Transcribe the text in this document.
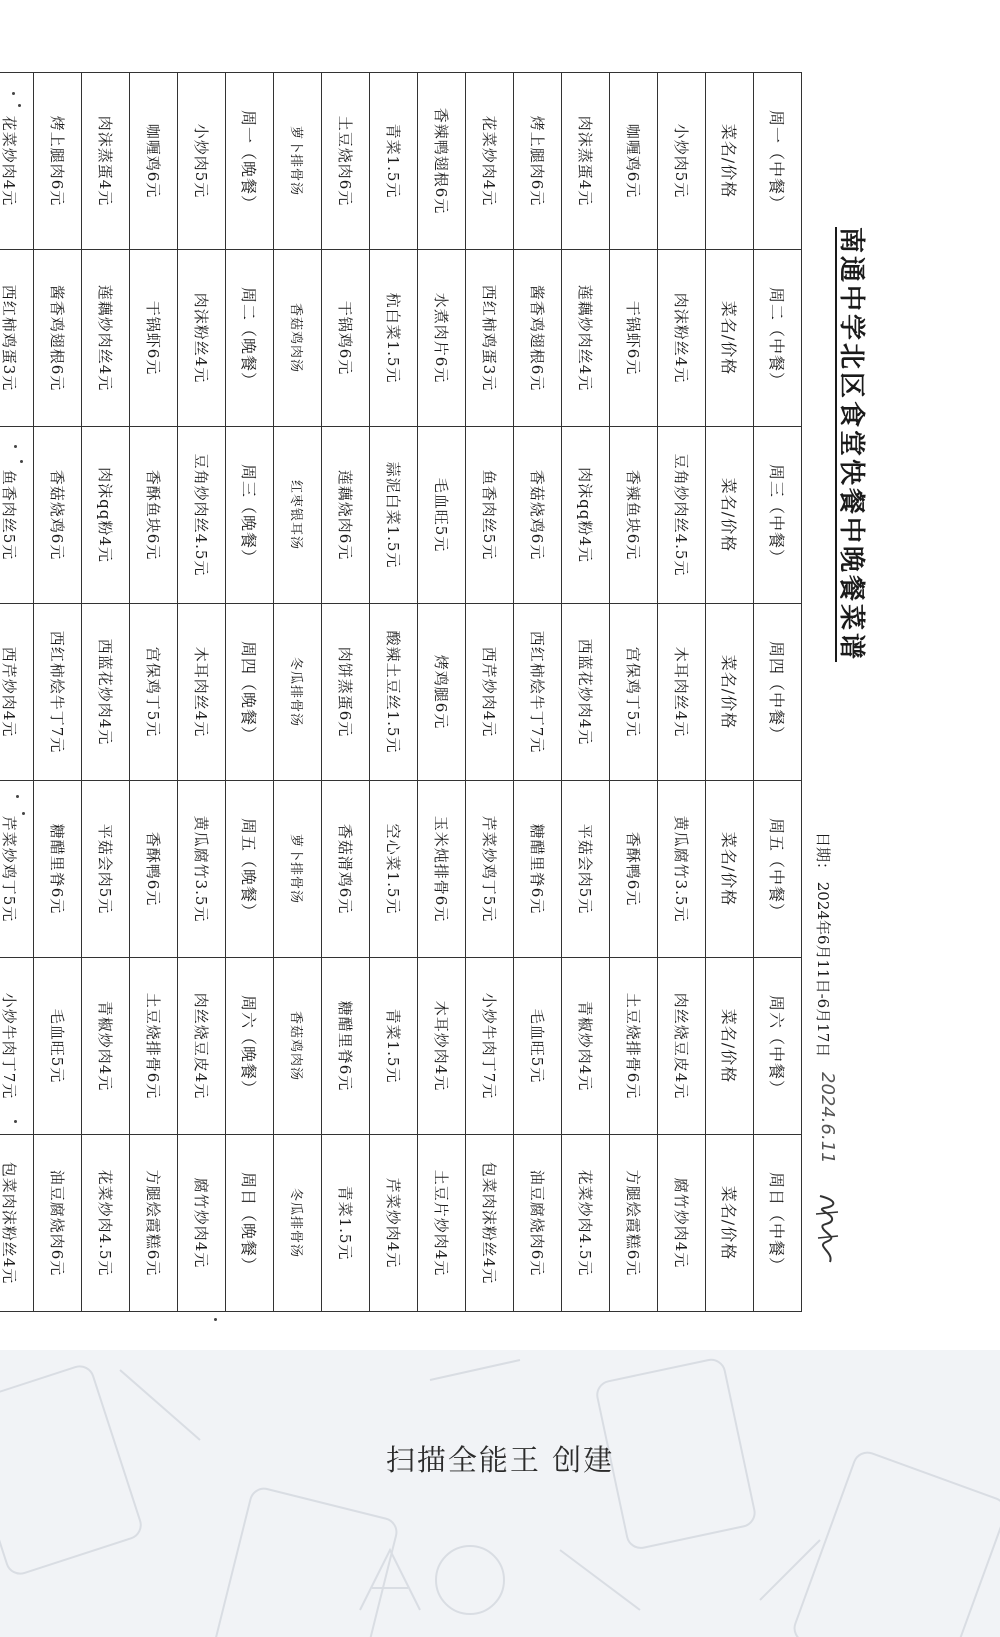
南通中学北区食堂快餐中晚餐菜谱
日期： 2024年6月11日-6月17日
2024.6.11
周一（中餐）	周二（中餐）	周三（中餐）	周四（中餐）	周五（中餐）	周六（中餐）	周日（中餐）
菜名/价格	菜名/价格	菜名/价格	菜名/价格	菜名/价格	菜名/价格	菜名/价格
小炒肉5元	肉沫粉丝4元	豆角炒肉丝4.5元	木耳肉丝4元	黄瓜腐竹3.5元	肉丝烧豆皮4元	腐竹炒肉4元
咖喱鸡6元	干锅虾6元	香辣鱼块6元	宫保鸡丁5元	香酥鸭6元	土豆烧排骨6元	方腿烩霞糕6元
肉沫蒸蛋4元	莲藕炒肉丝4元	肉沫qq粉4元	西蓝花炒肉4元	平菇会肉5元	青椒炒肉4元	花菜炒肉4.5元
烤上腿肉6元	酱香鸡翅根6元	香菇烧鸡6元	西红柿烩牛丁7元	糖醋里脊6元	毛血旺5元	油豆腐烧肉6元
花菜炒肉4元	西红柿鸡蛋3元	鱼香肉丝5元	西芹炒肉4元	芹菜炒鸡丁5元	小炒牛肉丁7元	包菜肉沫粉丝4元
香辣鸭翅根6元	水煮肉片6元	毛血旺5元	烤鸡腿6元	玉米炖排骨6元	木耳炒肉4元	土豆片炒肉4元
青菜1.5元	杭白菜1.5元	蒜泥白菜1.5元	酸辣土豆丝1.5元	空心菜1.5元	青菜1.5元	芹菜炒肉4元
土豆烧肉6元	干锅鸡6元	莲藕烧肉6元	肉饼蒸蛋6元	香菇滑鸡6元	糖醋里脊6元	青菜1.5元
萝卜排骨汤	香菇鸡肉汤	红枣银耳汤	冬瓜排骨汤	萝卜排骨汤	香菇鸡肉汤	冬瓜排骨汤
周一（晚餐）	周二（晚餐）	周三（晚餐）	周四（晚餐）	周五（晚餐）	周六（晚餐）	周日（晚餐）
小炒肉5元	肉沫粉丝4元	豆角炒肉丝4.5元	木耳肉丝4元	黄瓜腐竹3.5元	肉丝烧豆皮4元	腐竹炒肉4元
咖喱鸡6元	干锅虾6元	香酥鱼块6元	宫保鸡丁5元	香酥鸭6元	土豆烧排骨6元	方腿烩霞糕6元
肉沫蒸蛋4元	莲藕炒肉丝4元	肉沫qq粉4元	西蓝花炒肉4元	平菇会肉5元	青椒炒肉4元	花菜炒肉4.5元
烤上腿肉6元	酱香鸡翅根6元	香菇烧鸡6元	西红柿烩牛丁7元	糖醋里脊6元	毛血旺5元	油豆腐烧肉6元
花菜炒肉4元	西红柿鸡蛋3元	鱼香肉丝5元	西芹炒肉4元	芹菜炒鸡丁5元	小炒牛肉丁7元	包菜肉沫粉丝4元

扫描全能王 创建
